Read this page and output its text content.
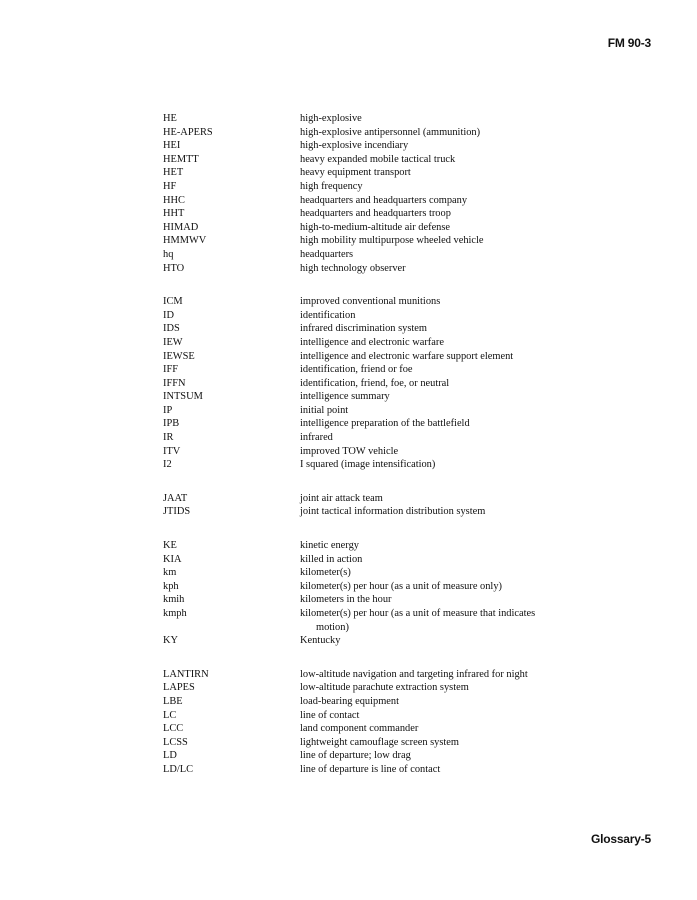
FM 90-3
HE	high-explosive
HE-APERS	high-explosive antipersonnel (ammunition)
HEI	high-explosive incendiary
HEMTT	heavy expanded mobile tactical truck
HET	heavy equipment transport
HF	high frequency
HHC	headquarters and headquarters company
HHT	headquarters and headquarters troop
HIMAD	high-to-medium-altitude air defense
HMMWV	high mobility multipurpose wheeled vehicle
hq	headquarters
HTO	high technology observer
ICM	improved conventional munitions
ID	identification
IDS	infrared discrimination system
IEW	intelligence and electronic warfare
IEWSE	intelligence and electronic warfare support element
IFF	identification, friend or foe
IFFN	identification, friend, foe, or neutral
INTSUM	intelligence summary
IP	initial point
IPB	intelligence preparation of the battlefield
IR	infrared
ITV	improved TOW vehicle
I2	I squared (image intensification)
JAAT	joint air attack team
JTIDS	joint tactical information distribution system
KE	kinetic energy
KIA	killed in action
km	kilometer(s)
kph	kilometer(s) per hour (as a unit of measure only)
kmih	kilometers in the hour
kmph	kilometer(s) per hour (as a unit of measure that indicates motion)
KY	Kentucky
LANTIRN	low-altitude navigation and targeting infrared for night
LAPES	low-altitude parachute extraction system
LBE	load-bearing equipment
LC	line of contact
LCC	land component commander
LCSS	lightweight camouflage screen system
LD	line of departure; low drag
LD/LC	line of departure is line of contact
Glossary-5
